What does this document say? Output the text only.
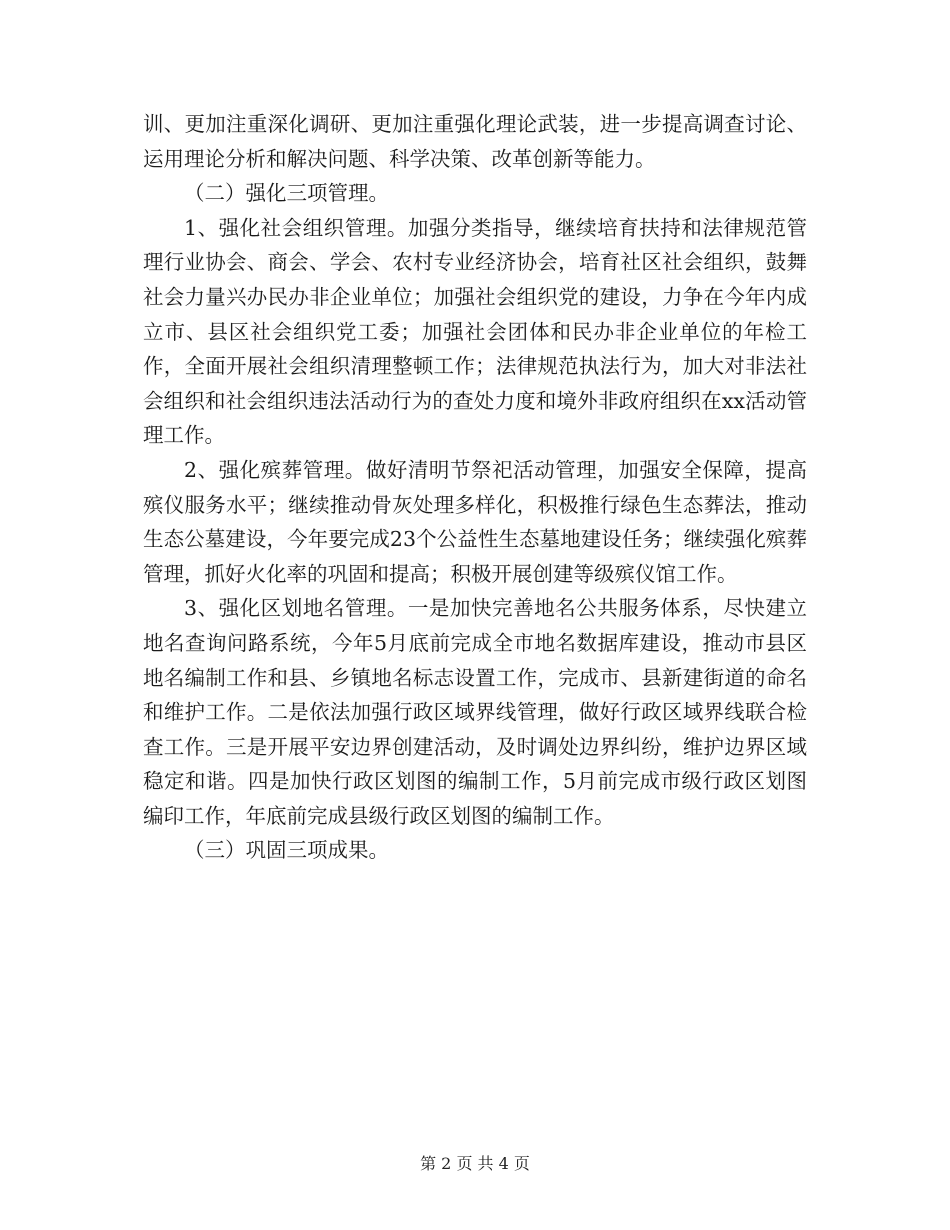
训、更加注重深化调研、更加注重强化理论武装，进一步提高调查讨论、运用理论分析和解决问题、科学决策、改革创新等能力。

（二）强化三项管理。

1、强化社会组织管理。加强分类指导，继续培育扶持和法律规范管理行业协会、商会、学会、农村专业经济协会，培育社区社会组织，鼓舞社会力量兴办民办非企业单位；加强社会组织党的建设，力争在今年内成立市、县区社会组织党工委；加强社会团体和民办非企业单位的年检工作，全面开展社会组织清理整顿工作；法律规范执法行为，加大对非法社会组织和社会组织违法活动行为的查处力度和境外非政府组织在xx活动管理工作。

2、强化殡葬管理。做好清明节祭祀活动管理，加强安全保障，提高殡仪服务水平；继续推动骨灰处理多样化，积极推行绿色生态葬法，推动生态公墓建设，今年要完成23个公益性生态墓地建设任务；继续强化殡葬管理，抓好火化率的巩固和提高；积极开展创建等级殡仪馆工作。

3、强化区划地名管理。一是加快完善地名公共服务体系，尽快建立地名查询问路系统，今年5月底前完成全市地名数据库建设，推动市县区地名编制工作和县、乡镇地名标志设置工作，完成市、县新建街道的命名和维护工作。二是依法加强行政区域界线管理，做好行政区域界线联合检查工作。三是开展平安边界创建活动，及时调处边界纠纷，维护边界区域稳定和谐。四是加快行政区划图的编制工作，5月前完成市级行政区划图编印工作，年底前完成县级行政区划图的编制工作。

（三）巩固三项成果。

第 2 页 共 4 页
